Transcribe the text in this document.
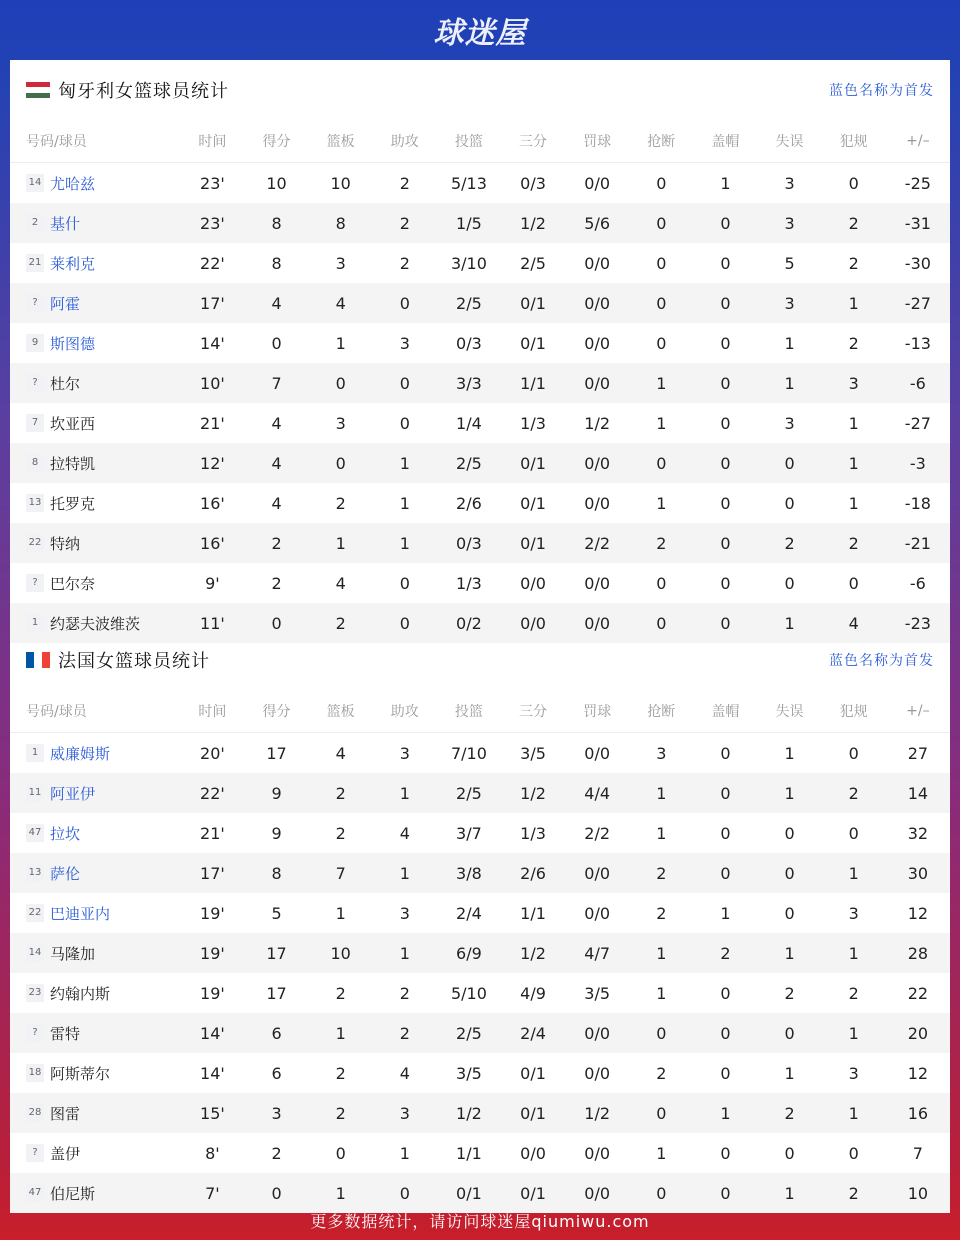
球迷屋
匈牙利女篮球员统计	蓝色名称为首发
号码/球员	时间	得分	篮板	助攻	投篮	三分	罚球	抢断	盖帽	失误	犯规	+/–
14 尤哈兹	23'	10	10	2	5/13	0/3	0/0	0	1	3	0	-25
2 基什	23'	8	8	2	1/5	1/2	5/6	0	0	3	2	-31
21 莱利克	22'	8	3	2	3/10	2/5	0/0	0	0	5	2	-30
? 阿霍	17'	4	4	0	2/5	0/1	0/0	0	0	3	1	-27
9 斯图德	14'	0	1	3	0/3	0/1	0/0	0	0	1	2	-13
? 杜尔	10'	7	0	0	3/3	1/1	0/0	1	0	1	3	-6
7 坎亚西	21'	4	3	0	1/4	1/3	1/2	1	0	3	1	-27
8 拉特凯	12'	4	0	1	2/5	0/1	0/0	0	0	0	1	-3
13 托罗克	16'	4	2	1	2/6	0/1	0/0	1	0	0	1	-18
22 特纳	16'	2	1	1	0/3	0/1	2/2	2	0	2	2	-21
? 巴尔奈	9'	2	4	0	1/3	0/0	0/0	0	0	0	0	-6
1 约瑟夫波维茨	11'	0	2	0	0/2	0/0	0/0	0	0	1	4	-23
法国女篮球员统计	蓝色名称为首发
号码/球员	时间	得分	篮板	助攻	投篮	三分	罚球	抢断	盖帽	失误	犯规	+/–
1 威廉姆斯	20'	17	4	3	7/10	3/5	0/0	3	0	1	0	27
11 阿亚伊	22'	9	2	1	2/5	1/2	4/4	1	0	1	2	14
47 拉坎	21'	9	2	4	3/7	1/3	2/2	1	0	0	0	32
13 萨伦	17'	8	7	1	3/8	2/6	0/0	2	0	0	1	30
22 巴迪亚内	19'	5	1	3	2/4	1/1	0/0	2	1	0	3	12
14 马隆加	19'	17	10	1	6/9	1/2	4/7	1	2	1	1	28
23 约翰内斯	19'	17	2	2	5/10	4/9	3/5	1	0	2	2	22
? 雷特	14'	6	1	2	2/5	2/4	0/0	0	0	0	1	20
18 阿斯蒂尔	14'	6	2	4	3/5	0/1	0/0	2	0	1	3	12
28 图雷	15'	3	2	3	1/2	0/1	1/2	0	1	2	1	16
? 盖伊	8'	2	0	1	1/1	0/0	0/0	1	0	0	0	7
47 伯尼斯	7'	0	1	0	0/1	0/1	0/0	0	0	1	2	10
更多数据统计，请访问球迷屋qiumiwu.com
